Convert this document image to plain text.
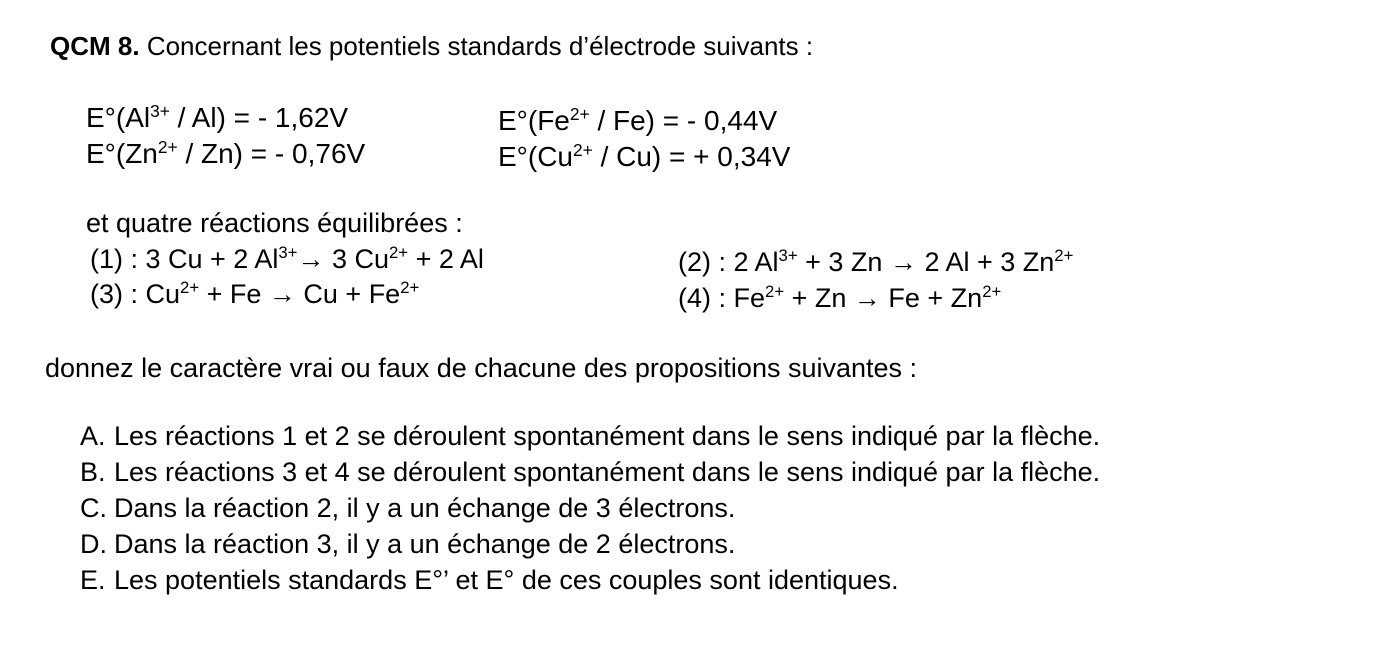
QCM 8. Concernant les potentiels standards d’électrode suivants :
$E^\circ(Al^{3+} / Al)$ = - 1,62V	$E^\circ(Fe^{2+} / Fe)$ = - 0,44V
$E^\circ(Zn^{2+} / Zn)$ = - 0,76V	$E^\circ(Cu^{2+} / Cu)$ = + 0,34V
et quatre réactions équilibrées :
(1) : 3 Cu + 2 $Al^{3+}\to 3$ $Cu^{2+} + 2$ Al	(2) : 2 $Al^{3+} + 3$ Zn → 2 Al + 3 $Zn^{2+}$
(3) : $Cu^{2+} + Fe \to Cu + Fe^{2+}$	(4) : $Fe^{2+} + Zn \to Fe + Zn^{2+}$
donnez le caractère vrai ou faux de chacune des propositions suivantes :
A. Les réactions 1 et 2 se déroulent spontanément dans le sens indiqué par la flèche.
B. Les réactions 3 et 4 se déroulent spontanément dans le sens indiqué par la flèche.
C. Dans la réaction 2, il y a un échange de 3 électrons.
D. Dans la réaction 3, il y a un échange de 2 électrons.
E. Les potentiels standards E°’ et E° de ces couples sont identiques.
